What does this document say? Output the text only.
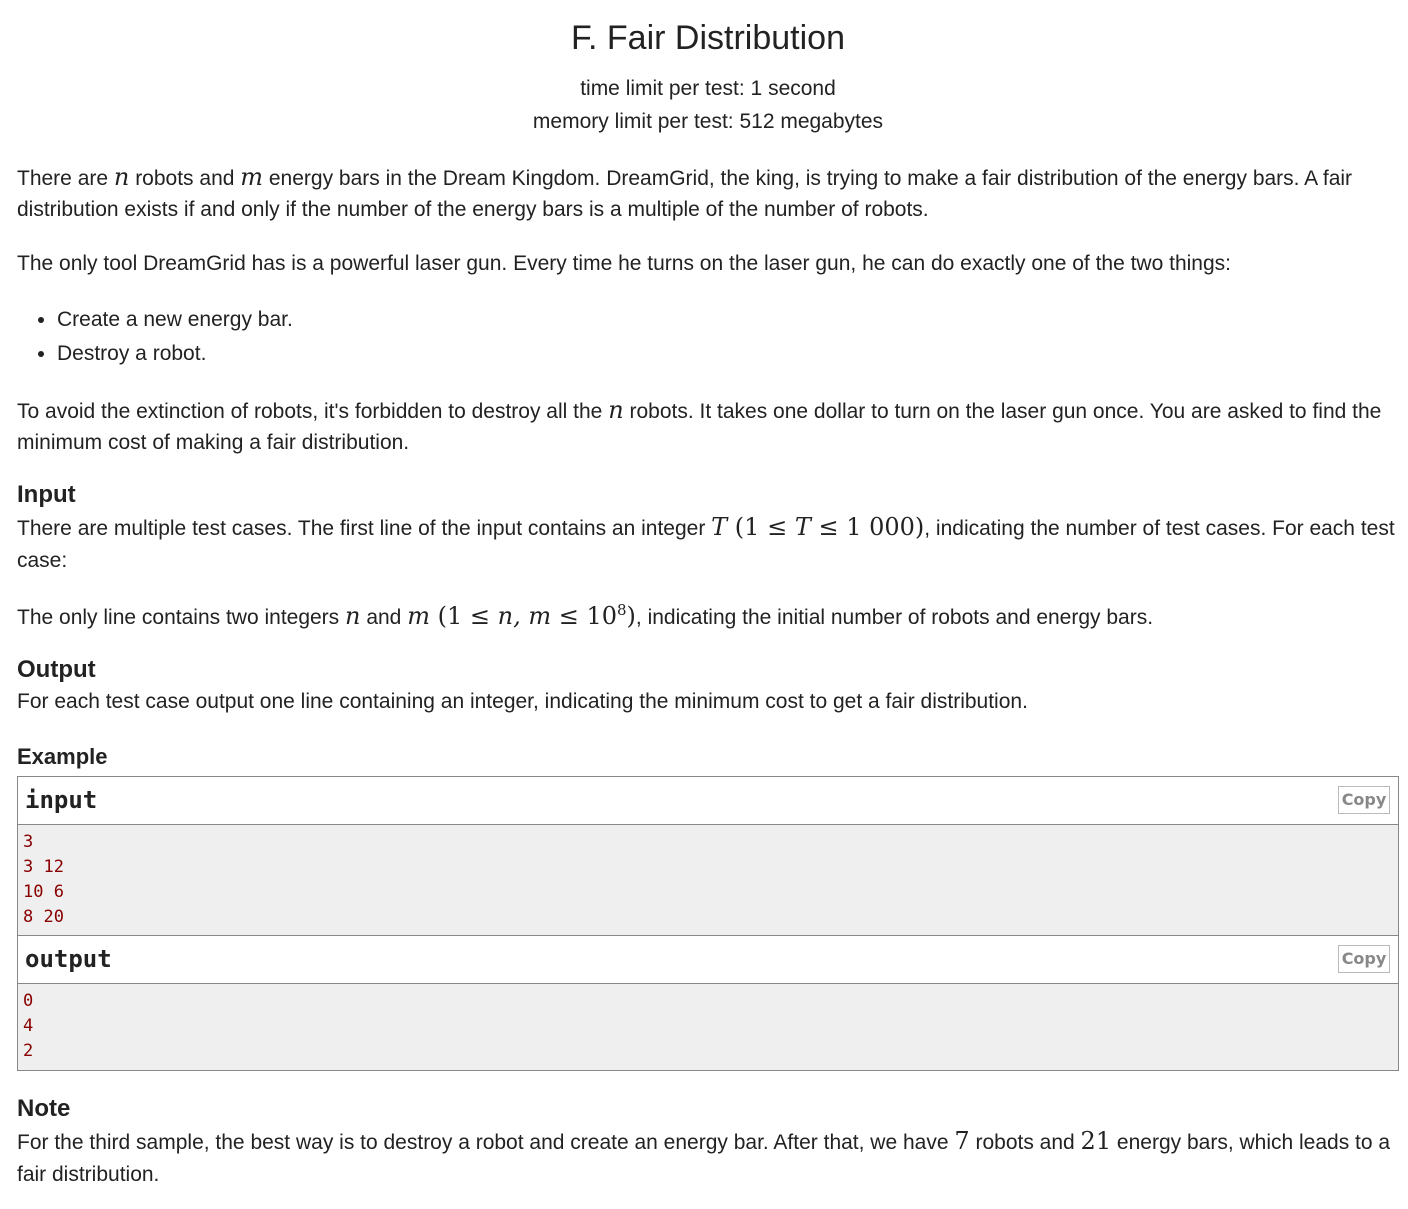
F. Fair Distribution
time limit per test: 1 second
memory limit per test: 512 megabytes

There are n robots and m energy bars in the Dream Kingdom. DreamGrid, the king, is trying to make a fair distribution of the energy bars. A fair distribution exists if and only if the number of the energy bars is a multiple of the number of robots.

The only tool DreamGrid has is a powerful laser gun. Every time he turns on the laser gun, he can do exactly one of the two things:

• Create a new energy bar.
• Destroy a robot.

To avoid the extinction of robots, it's forbidden to destroy all the n robots. It takes one dollar to turn on the laser gun once. You are asked to find the minimum cost of making a fair distribution.

Input

There are multiple test cases. The first line of the input contains an integer T (1 ≤ T ≤ 1 000), indicating the number of test cases. For each test case:

The only line contains two integers n and m (1 ≤ n, $m \le 10^8$), indicating the initial number of robots and energy bars.

Output

For each test case output one line containing an integer, indicating the minimum cost to get a fair distribution.

Example
input	Copy
3
3 12
10 6
8 20
output	Copy
0
4
2
Note

For the third sample, the best way is to destroy a robot and create an energy bar. After that, we have 7 robots and 21 energy bars, which leads to a fair distribution.
